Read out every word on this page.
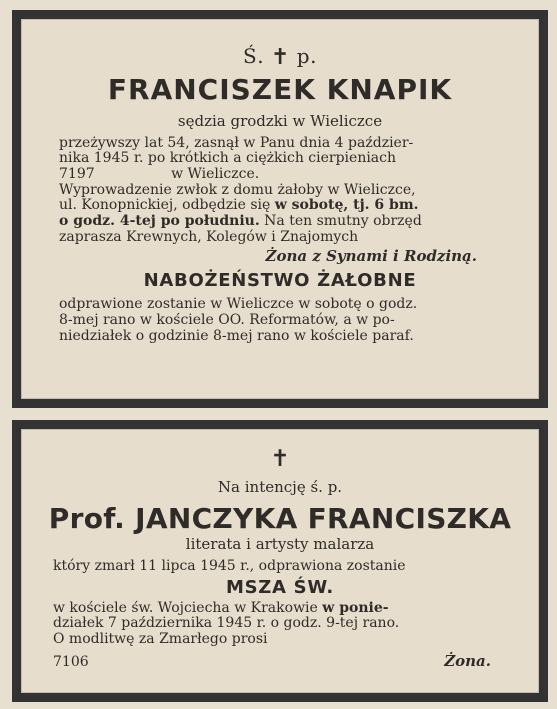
Ś. ✝ p.
FRANCISZEK KNAPIK
sędzia grodzki w Wieliczce
przeżywszy lat 54, zasnął w Panu dnia 4 paździer-
nika 1945 r. po krótkich a ciężkich cierpieniach
7197	w Wieliczce.
Wyprowadzenie zwłok z domu żałoby w Wieliczce,
ul. Konopnickiej, odbędzie się w sobotę, tj. 6 bm.
o godz. 4-tej po południu. Na ten smutny obrzęd
zaprasza Krewnych, Kolegów i Znajomych
Żona z Synami i Rodziną.
NABOŻEŃSTWO ŻAŁOBNE
odprawione zostanie w Wieliczce w sobotę o godz.
8-mej rano w kościele OO. Reformatów, a w po-
niedziałek o godzinie 8-mej rano w kościele paraf.
✝
Na intencję ś. p.
Prof. JANCZYKA FRANCISZKA
literata i artysty malarza
który zmarł 11 lipca 1945 r., odprawiona zostanie
MSZA ŚW.
w kościele św. Wojciecha w Krakowie w ponie-
działek 7 października 1945 r. o godz. 9-tej rano.
O modlitwę za Zmarłego prosi
7106	Żona.
